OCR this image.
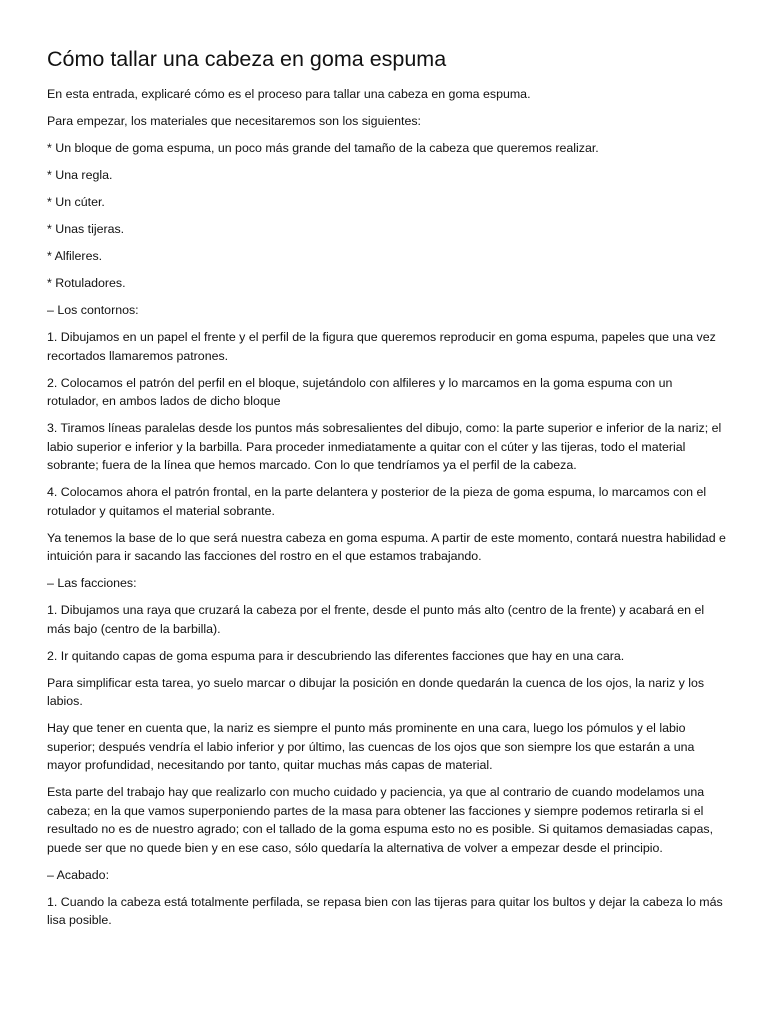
Cómo tallar una cabeza en goma espuma

En esta entrada, explicaré cómo es el proceso para tallar una cabeza en goma espuma.

Para empezar, los materiales que necesitaremos son los siguientes:

* Un bloque de goma espuma, un poco más grande del tamaño de la cabeza que queremos realizar.

* Una regla.

* Un cúter.

* Unas tijeras.

* Alfileres.

* Rotuladores.

– Los contornos:

1. Dibujamos en un papel el frente y el perfil de la figura que queremos reproducir en goma espuma, papeles que una vez recortados llamaremos patrones.

2. Colocamos el patrón del perfil en el bloque, sujetándolo con alfileres y lo marcamos en la goma espuma con un rotulador, en ambos lados de dicho bloque

3. Tiramos líneas paralelas desde los puntos más sobresalientes del dibujo, como: la parte superior e inferior de la nariz; el labio superior e inferior y la barbilla. Para proceder inmediatamente a quitar con el cúter y las tijeras, todo el material sobrante; fuera de la línea que hemos marcado. Con lo que tendríamos ya el perfil de la cabeza.

4. Colocamos ahora el patrón frontal, en la parte delantera y posterior de la pieza de goma espuma, lo marcamos con el rotulador y quitamos el material sobrante.

Ya tenemos la base de lo que será nuestra cabeza en goma espuma. A partir de este momento, contará nuestra habilidad e intuición para ir sacando las facciones del rostro en el que estamos trabajando.

– Las facciones:

1. Dibujamos una raya que cruzará la cabeza por el frente, desde el punto más alto (centro de la frente) y acabará en el más bajo (centro de la barbilla).

2. Ir quitando capas de goma espuma para ir descubriendo las diferentes facciones que hay en una cara.

Para simplificar esta tarea, yo suelo marcar o dibujar la posición en donde quedarán la cuenca de los ojos, la nariz y los labios.

Hay que tener en cuenta que, la nariz es siempre el punto más prominente en una cara, luego los pómulos y el labio superior; después vendría el labio inferior y por último, las cuencas de los ojos que son siempre los que estarán a una mayor profundidad, necesitando por tanto, quitar muchas más capas de material.

Esta parte del trabajo hay que realizarlo con mucho cuidado y paciencia, ya que al contrario de cuando modelamos una cabeza; en la que vamos superponiendo partes de la masa para obtener las facciones y siempre podemos retirarla si el resultado no es de nuestro agrado; con el tallado de la goma espuma esto no es posible. Si quitamos demasiadas capas, puede ser que no quede bien y en ese caso, sólo quedaría la alternativa de volver a empezar desde el principio.

– Acabado:

1. Cuando la cabeza está totalmente perfilada, se repasa bien con las tijeras para quitar los bultos y dejar la cabeza lo más lisa posible.
